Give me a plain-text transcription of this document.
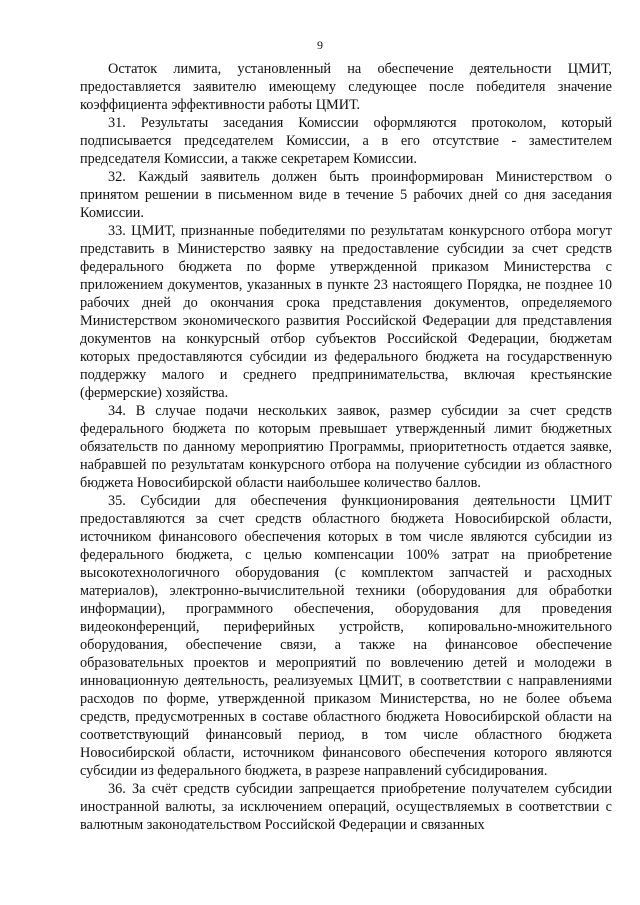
9

Остаток лимита, установленный на обеспечение деятельности ЦМИТ, предоставляется заявителю имеющему следующее после победителя значение коэффициента эффективности работы ЦМИТ.

31. Результаты заседания Комиссии оформляются протоколом, который подписывается председателем Комиссии, а в его отсутствие - заместителем председателя Комиссии, а также секретарем Комиссии.

32. Каждый заявитель должен быть проинформирован Министерством о принятом решении в письменном виде в течение 5 рабочих дней со дня заседания Комиссии.

33. ЦМИТ, признанные победителями по результатам конкурсного отбора могут представить в Министерство заявку на предоставление субсидии за счет средств федерального бюджета по форме утвержденной приказом Министерства с приложением документов, указанных в пункте 23 настоящего Порядка, не позднее 10 рабочих дней до окончания срока представления документов, определяемого Министерством экономического развития Российской Федерации для представления документов на конкурсный отбор субъектов Российской Федерации, бюджетам которых предоставляются субсидии из федерального бюджета на государственную поддержку малого и среднего предпринимательства, включая крестьянские (фермерские) хозяйства.

34. В случае подачи нескольких заявок, размер субсидии за счет средств федерального бюджета по которым превышает утвержденный лимит бюджетных обязательств по данному мероприятию Программы, приоритетность отдается заявке, набравшей по результатам конкурсного отбора на получение субсидии из областного бюджета Новосибирской области наибольшее количество баллов.

35. Субсидии для обеспечения функционирования деятельности ЦМИТ предоставляются за счет средств областного бюджета Новосибирской области, источником финансового обеспечения которых в том числе являются субсидии из федерального бюджета, с целью компенсации 100% затрат на приобретение высокотехнологичного оборудования (с комплектом запчастей и расходных материалов), электронно-вычислительной техники (оборудования для обработки информации), программного обеспечения, оборудования для проведения видеоконференций, периферийных устройств, копировально-множительного оборудования, обеспечение связи, а также на финансовое обеспечение образовательных проектов и мероприятий по вовлечению детей и молодежи в инновационную деятельность, реализуемых ЦМИТ, в соответствии с направлениями расходов по форме, утвержденной приказом Министерства, но не более объема средств, предусмотренных в составе областного бюджета Новосибирской области на соответствующий финансовый период, в том числе областного бюджета Новосибирской области, источником финансового обеспечения которого являются субсидии из федерального бюджета, в разрезе направлений субсидирования.

36. За счёт средств субсидии запрещается приобретение получателем субсидии иностранной валюты, за исключением операций, осуществляемых в соответствии с валютным законодательством Российской Федерации и связанных
